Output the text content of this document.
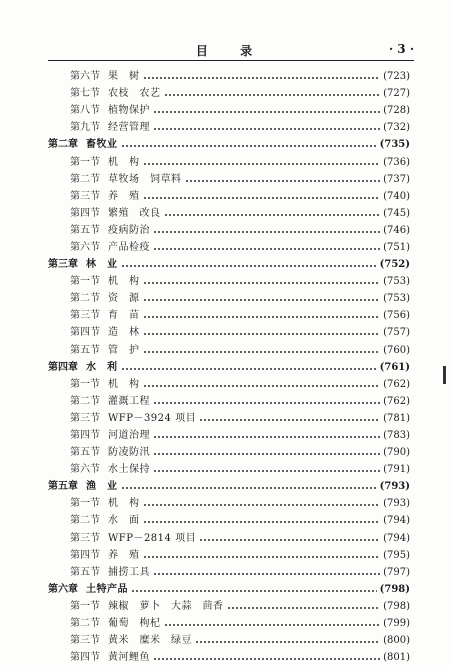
目 录	· 3 ·
第六节 果　树	(723)
第七节 农枝　农艺	(727)
第八节 植物保护	(728)
第九节 经营管理	(732)
第二章 畜牧业	(735)
第一节 机　构	(736)
第二节 草牧场　饲草料	(737)
第三节 养　殖	(740)
第四节 繁殖　改良	(745)
第五节 疫病防治	(746)
第六节 产品检疫	(751)
第三章 林　业	(752)
第一节 机　构	(753)
第二节 资　源	(753)
第三节 育　苗	(756)
第四节 造　林	(757)
第五节 管　护	(760)
第四章 水　利	(761)
第一节 机　构	(762)
第二节 灌溉工程	(762)
第三节 WFP－3924 项目	(781)
第四节 河道治理	(783)
第五节 防凌防汛	(790)
第六节 水土保持	(791)
第五章 渔　业	(793)
第一节 机　构	(793)
第二节 水　面	(794)
第三节 WFP－2814 项目	(794)
第四节 养　殖	(795)
第五节 捕捞工具	(797)
第六章 土特产品	(798)
第一节 辣椒　萝卜　大蒜　茴香	(798)
第二节 葡萄　枸杞	(799)
第三节 黄米　糜米　绿豆	(800)
第四节 黄河鲤鱼	(801)
